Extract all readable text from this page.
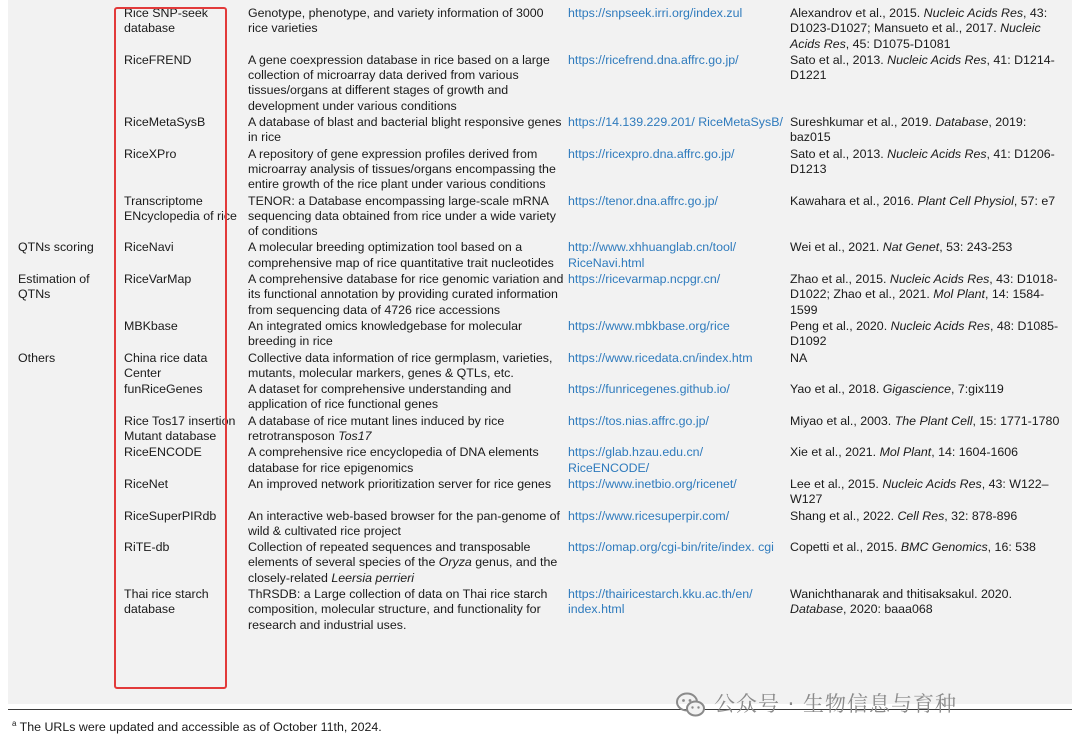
	Rice SNP-seek database	Genotype, phenotype, and variety information of 3000 rice varieties	https://snpseek.irri.org/index.zul	Alexandrov et al., 2015. Nucleic Acids Res, 43: D1023-D1027; Mansueto et al., 2017. Nucleic Acids Res, 45: D1075-D1081
	RiceFREND	A gene coexpression database in rice based on a large collection of microarray data derived from various tissues/organs at different stages of growth and development under various conditions	https://ricefrend.dna.affrc.go.jp/	Sato et al., 2013. Nucleic Acids Res, 41: D1214-D1221
	RiceMetaSysB	A database of blast and bacterial blight responsive genes in rice	https://14.139.229.201/ RiceMetaSysB/	Sureshkumar et al., 2019. Database, 2019: baz015
	RiceXPro	A repository of gene expression profiles derived from microarray analysis of tissues/organs encompassing the entire growth of the rice plant under various conditions	https://ricexpro.dna.affrc.go.jp/	Sato et al., 2013. Nucleic Acids Res, 41: D1206-D1213
	Transcriptome ENcyclopedia of rice	TENOR: a Database encompassing large-scale mRNA sequencing data obtained from rice under a wide variety of conditions	https://tenor.dna.affrc.go.jp/	Kawahara et al., 2016. Plant Cell Physiol, 57: e7
QTNs scoring	RiceNavi	A molecular breeding optimization tool based on a comprehensive map of rice quantitative trait nucleotides	http://www.xhhuanglab.cn/tool/ RiceNavi.html	Wei et al., 2021. Nat Genet, 53: 243-253
Estimation of QTNs	RiceVarMap	A comprehensive database for rice genomic variation and its functional annotation by providing curated information from sequencing data of 4726 rice accessions	https://ricevarmap.ncpgr.cn/	Zhao et al., 2015. Nucleic Acids Res, 43: D1018-D1022; Zhao et al., 2021. Mol Plant, 14: 1584-1599
	MBKbase	An integrated omics knowledgebase for molecular breeding in rice	https://www.mbkbase.org/rice	Peng et al., 2020. Nucleic Acids Res, 48: D1085-D1092
Others	China rice data Center	Collective data information of rice germplasm, varieties, mutants, molecular markers, genes & QTLs, etc.	https://www.ricedata.cn/index.htm	NA
	funRiceGenes	A dataset for comprehensive understanding and application of rice functional genes	https://funricegenes.github.io/	Yao et al., 2018. Gigascience, 7:gix119
	Rice Tos17 insertion Mutant database	A database of rice mutant lines induced by rice retrotransposon Tos17	https://tos.nias.affrc.go.jp/	Miyao et al., 2003. The Plant Cell, 15: 1771-1780
	RiceENCODE	A comprehensive rice encyclopedia of DNA elements database for rice epigenomics	https://glab.hzau.edu.cn/ RiceENCODE/	Xie et al., 2021. Mol Plant, 14: 1604-1606
	RiceNet	An improved network prioritization server for rice genes	https://www.inetbio.org/ricenet/	Lee et al., 2015. Nucleic Acids Res, 43: W122–W127
	RiceSuperPIRdb	An interactive web-based browser for the pan-genome of wild & cultivated rice project	https://www.ricesuperpir.com/	Shang et al., 2022. Cell Res, 32: 878-896
	RiTE-db	Collection of repeated sequences and transposable elements of several species of the Oryza genus, and the closely-related Leersia perrieri	https://omap.org/cgi-bin/rite/index. cgi	Copetti et al., 2015. BMC Genomics, 16: 538
	Thai rice starch database	ThRSDB: a Large collection of data on Thai rice starch composition, molecular structure, and functionality for research and industrial uses.	https://thairicestarch.kku.ac.th/en/ index.html	Wanichthanarak and thitisaksakul. 2020. Database, 2020: baaa068
$^a$ The URLs were updated and accessible as of October 11th, 2024.
公众号 · 生物信息与育种
